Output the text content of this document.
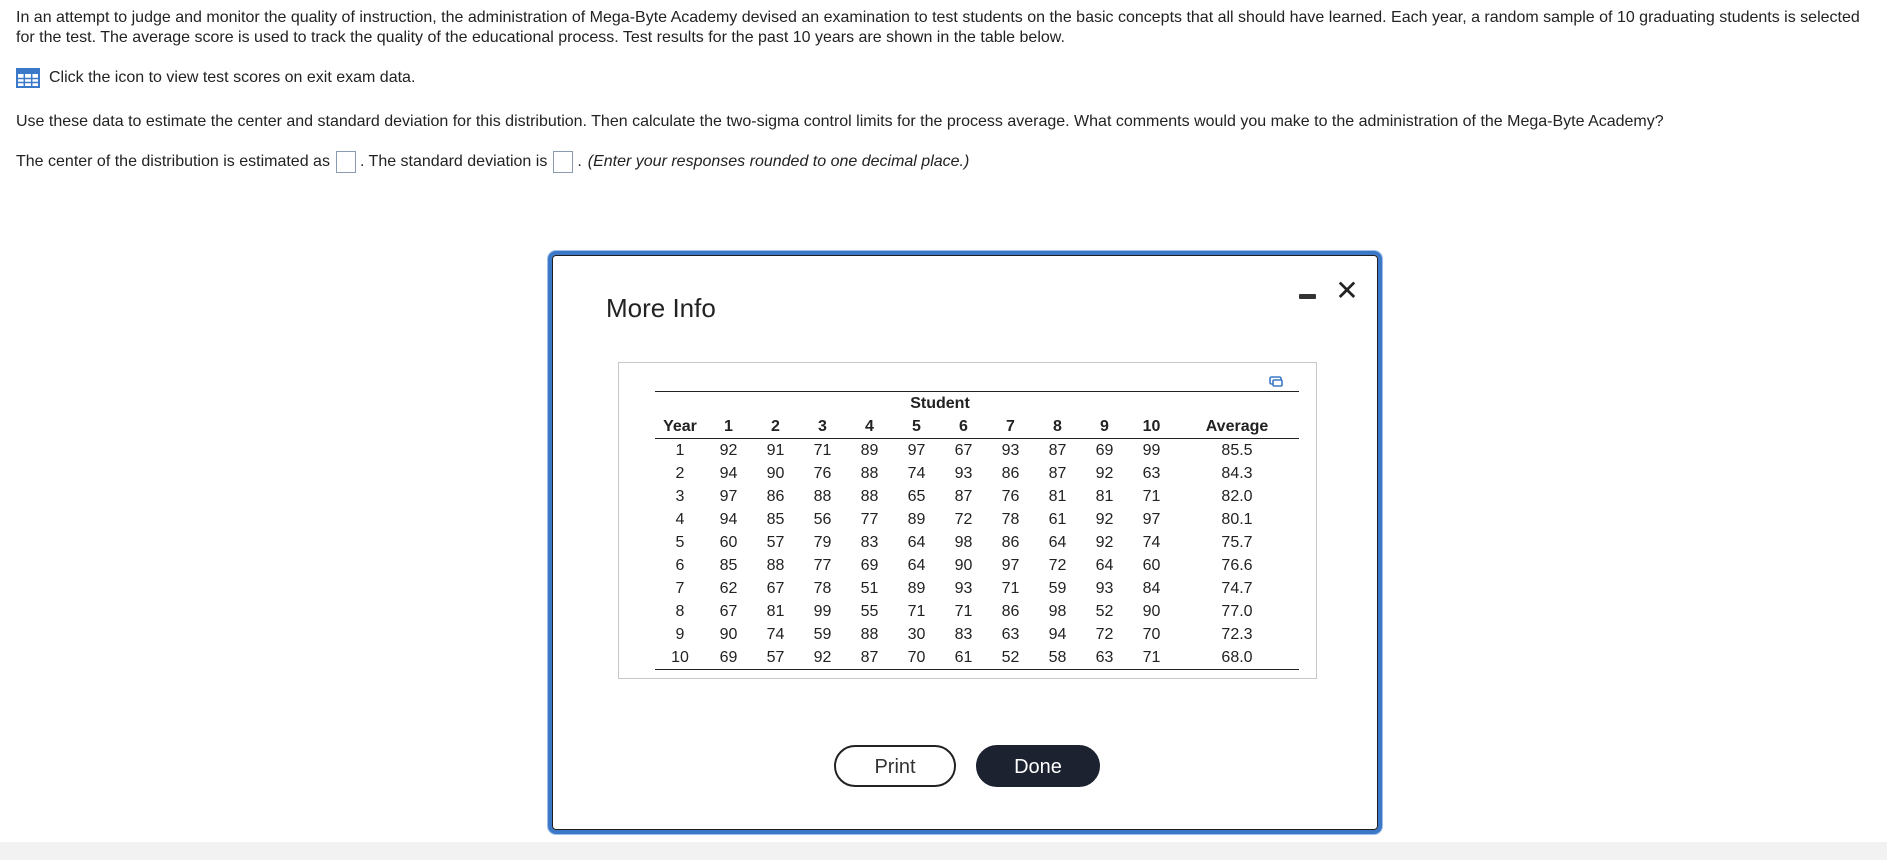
In an attempt to judge and monitor the quality of instruction, the administration of Mega-Byte Academy devised an examination to test students on the basic concepts that all should have learned. Each year, a random sample of 10 graduating students is selected for the test. The average score is used to track the quality of the educational process. Test results for the past 10 years are shown in the table below.
Click the icon to view test scores on exit exam data.
Use these data to estimate the center and standard deviation for this distribution. Then calculate the two-sigma control limits for the process average. What comments would you make to the administration of the Mega-Byte Academy?
The center of the distribution is estimated as . The standard deviation is . (Enter your responses rounded to one decimal place.)
More Info
✕
					Student						
Year	1	2	3	4	5	6	7	8	9	10	Average
1	92	91	71	89	97	67	93	87	69	99	85.5
2	94	90	76	88	74	93	86	87	92	63	84.3
3	97	86	88	88	65	87	76	81	81	71	82.0
4	94	85	56	77	89	72	78	61	92	97	80.1
5	60	57	79	83	64	98	86	64	92	74	75.7
6	85	88	77	69	64	90	97	72	64	60	76.6
7	62	67	78	51	89	93	71	59	93	84	74.7
8	67	81	99	55	71	71	86	98	52	90	77.0
9	90	74	59	88	30	83	63	94	72	70	72.3
10	69	57	92	87	70	61	52	58	63	71	68.0
Print	Done
